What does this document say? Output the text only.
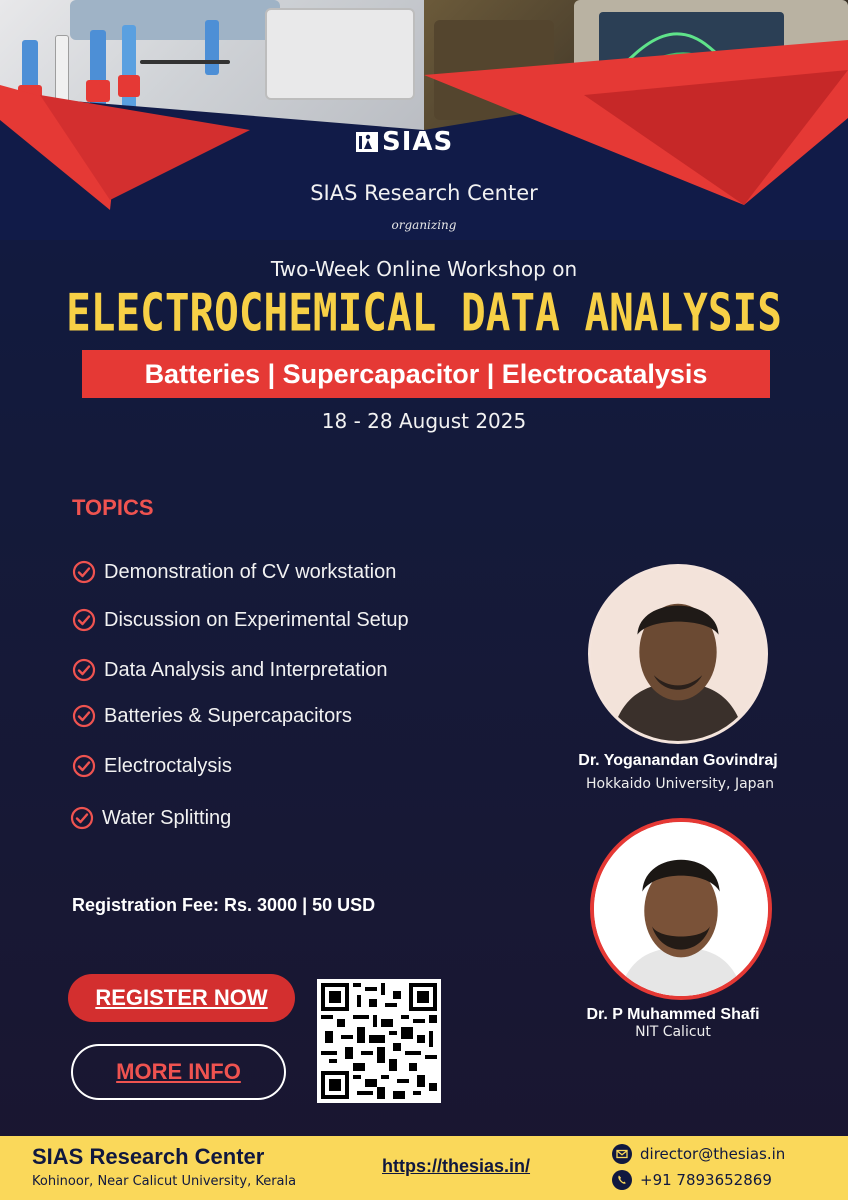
SIAS
SIAS Research Center
organizing
Two-Week Online Workshop on
ELECTROCHEMICAL DATA ANALYSIS
Batteries | Supercapacitor | Electrocatalysis
18 - 28 August 2025
TOPICS
Demonstration of CV workstation
Discussion on Experimental Setup
Data Analysis and Interpretation
Batteries & Supercapacitors
Electroctalysis
Water Splitting
Registration Fee: Rs. 3000 | 50 USD
REGISTER NOW
MORE INFO
Dr. Yoganandan Govindraj
Hokkaido University, Japan
Dr. P Muhammed Shafi
NIT Calicut
SIAS Research Center
Kohinoor, Near Calicut University, Kerala
https://thesias.in/
director@thesias.in
+91 7893652869
